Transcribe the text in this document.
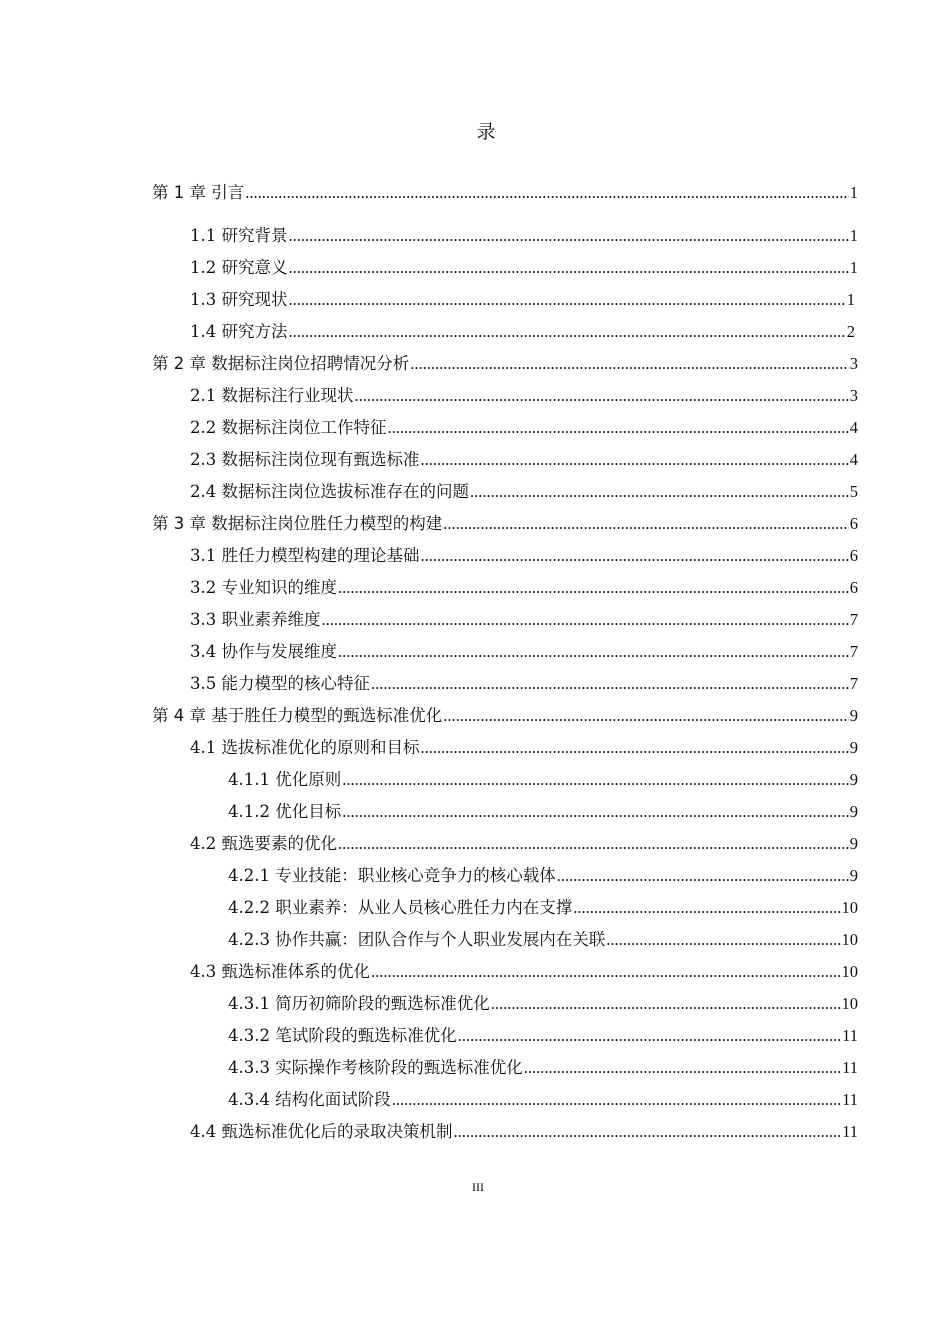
录
第 1 章 引言 .....	1
1.1 研究背景 .....	1
1.2 研究意义 .....	1
1.3 研究现状 .....	1
1.4 研究方法 .....	2
第 2 章 数据标注岗位招聘情况分析 .....	3
2.1 数据标注行业现状 .....	3
2.2 数据标注岗位工作特征 .....	4
2.3 数据标注岗位现有甄选标准 .....	4
2.4 数据标注岗位选拔标准存在的问题 .....	5
第 3 章 数据标注岗位胜任力模型的构建 .....	6
3.1 胜任力模型构建的理论基础 .....	6
3.2 专业知识的维度 .....	6
3.3 职业素养维度 .....	7
3.4 协作与发展维度 .....	7
3.5 能力模型的核心特征 .....	7
第 4 章 基于胜任力模型的甄选标准优化 .....	9
4.1 选拔标准优化的原则和目标 .....	9
4.1.1 优化原则 .....	9
4.1.2 优化目标 .....	9
4.2 甄选要素的优化 .....	9
4.2.1 专业技能：职业核心竞争力的核心载体 .....	9
4.2.2 职业素养：从业人员核心胜任力内在支撑 .....	10
4.2.3 协作共赢：团队合作与个人职业发展内在关联 .....	10
4.3 甄选标准体系的优化 .....	10
4.3.1 简历初筛阶段的甄选标准优化 .....	10
4.3.2 笔试阶段的甄选标准优化 .....	11
4.3.3 实际操作考核阶段的甄选标准优化 .....	11
4.3.4 结构化面试阶段 .....	11
4.4 甄选标准优化后的录取决策机制 .....	11
III
